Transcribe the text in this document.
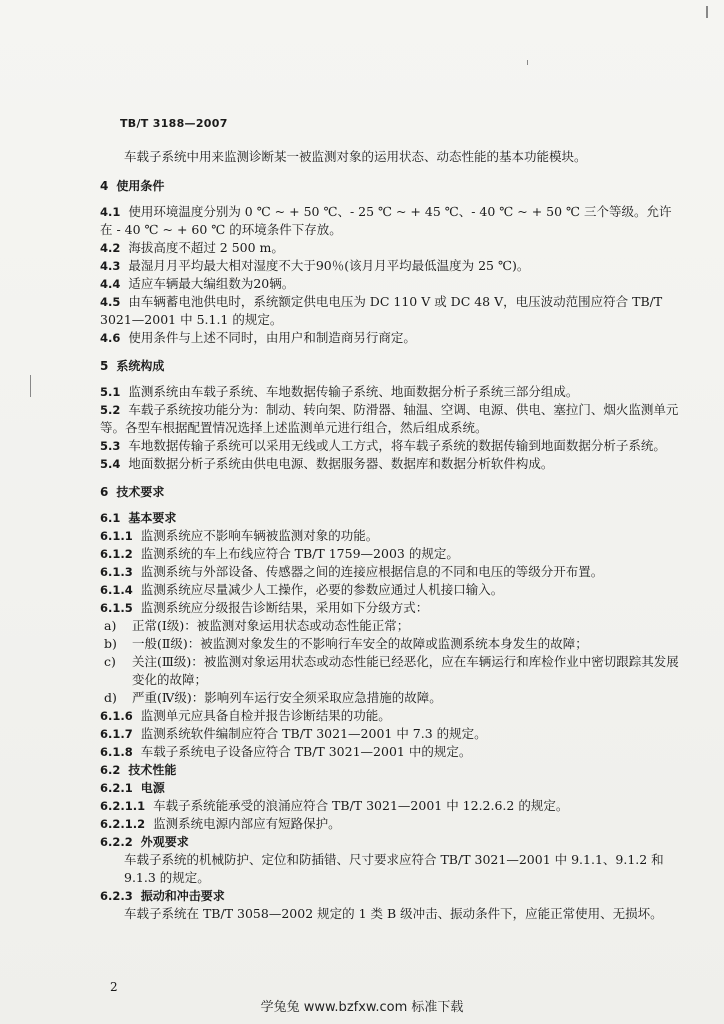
TB/T 3188—2007

车载子系统中用来监测诊断某一被监测对象的运用状态、动态性能的基本功能模块。

4 使用条件

4.1 使用环境温度分别为 0 ℃ ~ + 50 ℃、- 25 ℃ ~ + 45 ℃、- 40 ℃ ~ + 50 ℃ 三个等级。允许在 - 40 ℃ ~ + 60 ℃ 的环境条件下存放。

4.2 海拔高度不超过 2 500 m。

4.3 最湿月月平均最大相对湿度不大于90％(该月月平均最低温度为 25 ℃)。

4.4 适应车辆最大编组数为20辆。

4.5 由车辆蓄电池供电时，系统额定供电电压为 DC 110 V 或 DC 48 V，电压波动范围应符合 TB/T 3021—2001 中 5.1.1 的规定。

4.6 使用条件与上述不同时，由用户和制造商另行商定。

5 系统构成

5.1 监测系统由车载子系统、车地数据传输子系统、地面数据分析子系统三部分组成。

5.2 车载子系统按功能分为：制动、转向架、防滑器、轴温、空调、电源、供电、塞拉门、烟火监测单元等。各型车根据配置情况选择上述监测单元进行组合，然后组成系统。

5.3 车地数据传输子系统可以采用无线或人工方式，将车载子系统的数据传输到地面数据分析子系统。

5.4 地面数据分析子系统由供电电源、数据服务器、数据库和数据分析软件构成。

6 技术要求

6.1 基本要求

6.1.1 监测系统应不影响车辆被监测对象的功能。

6.1.2 监测系统的车上布线应符合 TB/T 1759—2003 的规定。

6.1.3 监测系统与外部设备、传感器之间的连接应根据信息的不同和电压的等级分开布置。

6.1.4 监测系统应尽量减少人工操作，必要的参数应通过人机接口输入。

6.1.5 监测系统应分级报告诊断结果，采用如下分级方式：

a)	正常(Ⅰ级)：被监测对象运用状态或动态性能正常；
b)	一般(Ⅱ级)：被监测对象发生的不影响行车安全的故障或监测系统本身发生的故障；
c)	关注(Ⅲ级)：被监测对象运用状态或动态性能已经恶化，应在车辆运行和库检作业中密切跟踪其发展变化的故障；
d)	严重(Ⅳ级)：影响列车运行安全须采取应急措施的故障。

6.1.6 监测单元应具备自检并报告诊断结果的功能。

6.1.7 监测系统软件编制应符合 TB/T 3021—2001 中 7.3 的规定。

6.1.8 车载子系统电子设备应符合 TB/T 3021—2001 中的规定。

6.2 技术性能

6.2.1 电源

6.2.1.1 车载子系统能承受的浪涌应符合 TB/T 3021—2001 中 12.2.6.2 的规定。

6.2.1.2 监测系统电源内部应有短路保护。

6.2.2 外观要求

车载子系统的机械防护、定位和防插错、尺寸要求应符合 TB/T 3021—2001 中 9.1.1、9.1.2 和 9.1.3 的规定。

6.2.3 振动和冲击要求

车载子系统在 TB/T 3058—2002 规定的 1 类 B 级冲击、振动条件下，应能正常使用、无损坏。

2
学兔兔 www.bzfxw.com 标准下载
